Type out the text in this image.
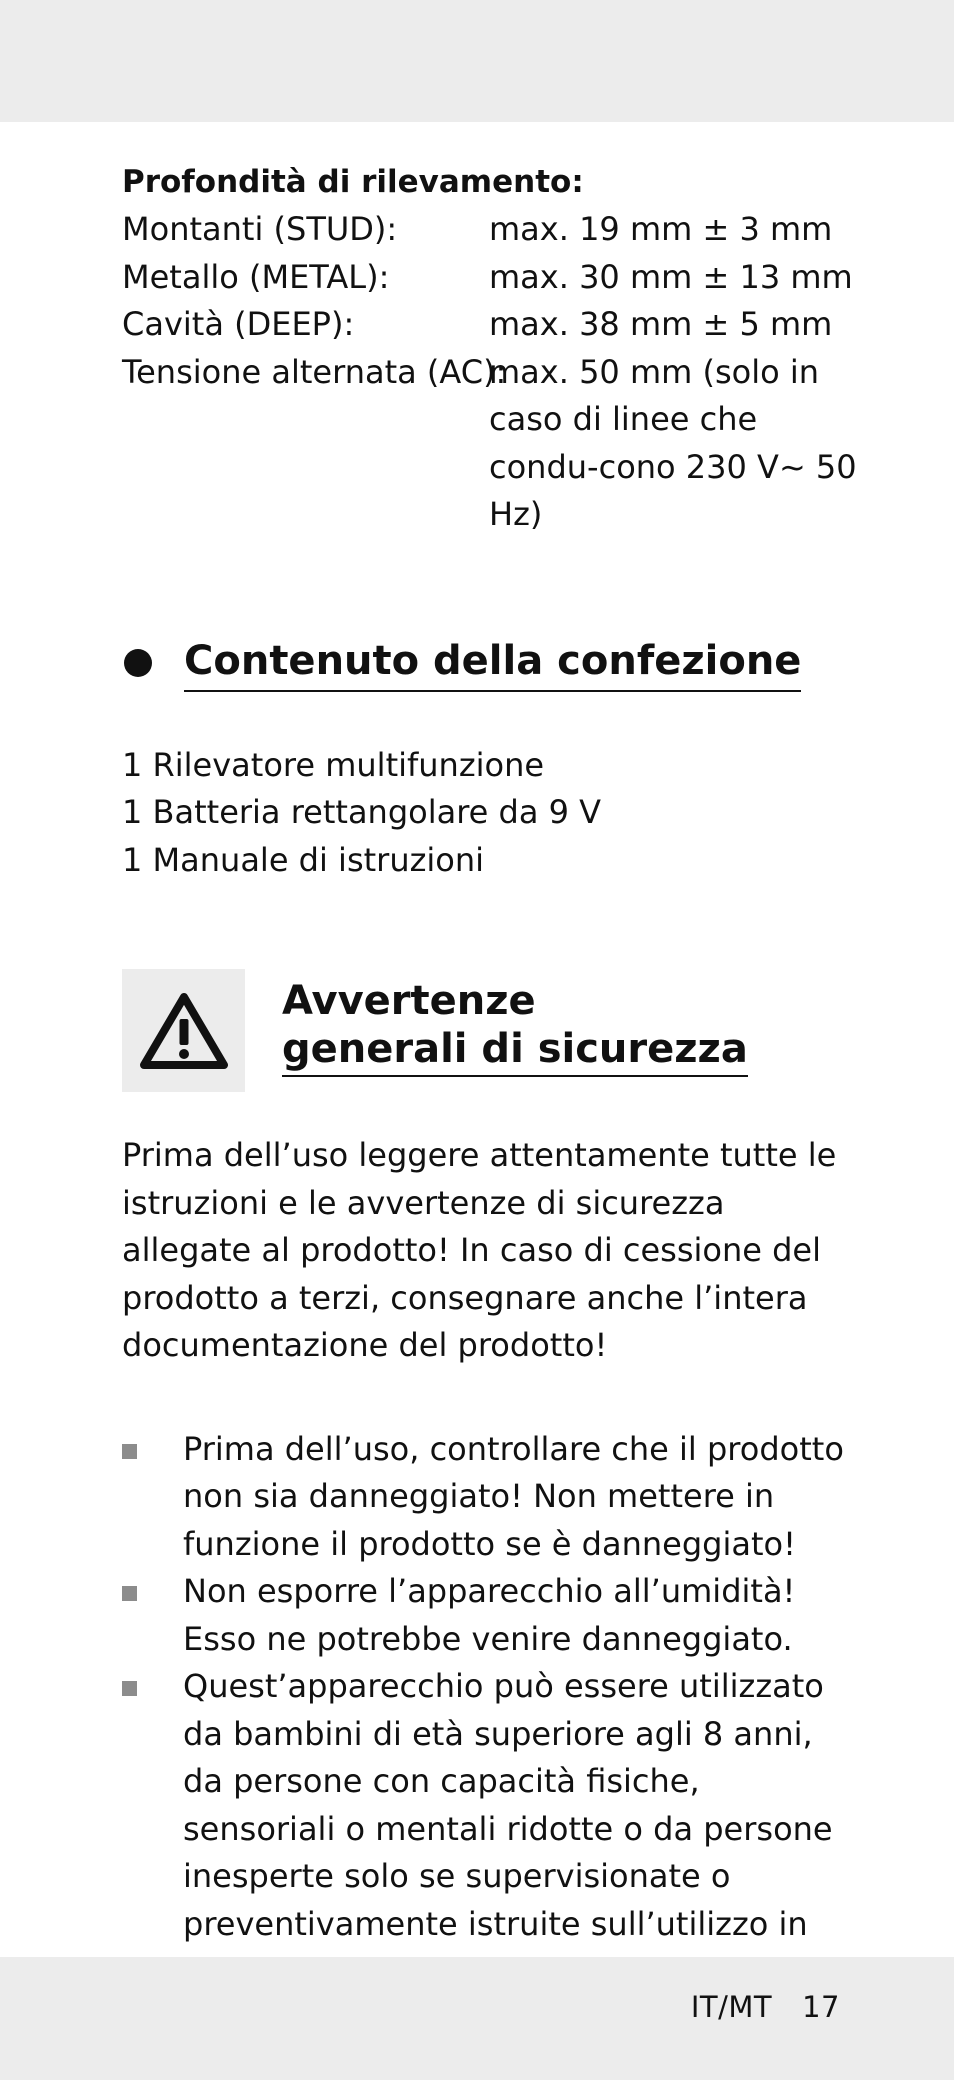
Profondità di rilevamento:

Montanti (STUD):	max. 19 mm ± 3 mm
Metallo (METAL):	max. 30 mm ± 13 mm
Cavità (DEEP):	max. 38 mm ± 5 mm
Tensione alternata (AC):
max. 50 mm (solo in caso di linee che condu-cono 230 V~ 50 Hz)
Contenuto della confezione
1 Rilevatore multifunzione
1 Batteria rettangolare da 9 V
1 Manuale di istruzioni
Avvertenze
generali di sicurezza
Prima dell’uso leggere attentamente tutte le istruzioni e le avvertenze di sicurezza allegate al prodotto! In caso di cessione del prodotto a terzi, consegnare anche l’intera documentazione del prodotto!
Prima dell’uso, controllare che il prodotto non sia danneggiato! Non mettere in funzione il prodotto se è danneggiato!
Non esporre l’apparecchio all’umidità! Esso ne potrebbe venire danneggiato.
Quest’apparecchio può essere utilizzato da bambini di età superiore agli 8 anni, da persone con capacità fisiche, sensoriali o mentali ridotte o da persone inesperte solo se supervisionate o preventivamente istruite sull’utilizzo in
IT/MT 17
